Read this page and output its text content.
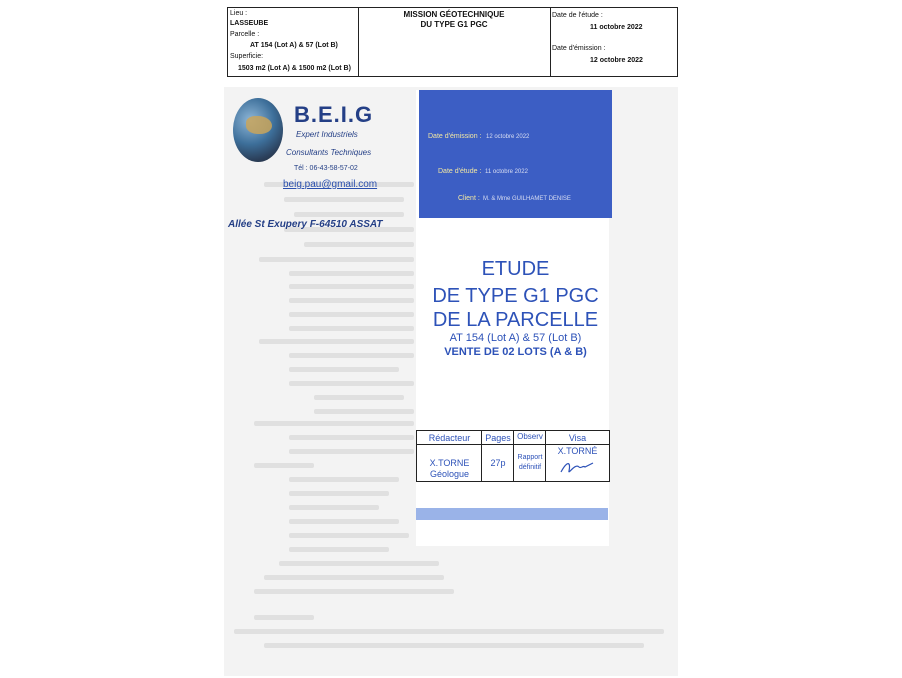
Lieu :
LASSEUBE
Parcelle :
AT 154 (Lot A) & 57 (Lot B)
Superficie:
1503 m2 (Lot A) & 1500 m2 (Lot B)
MISSION GÉOTECHNIQUE
DU TYPE G1 PGC
Date de l'étude :
11 octobre 2022
Date d'émission :
12 octobre 2022
B.E.I.G
Expert Industriels
Consultants Techniques
Tél : 06-43-58-57-02
beig.pau@gmail.com
Allée St Exupery F-64510 ASSAT
Date d'émission : 12 octobre 2022
Date d'étude : 11 octobre 2022
Client : M. & Mme GUILHAMET DENISE
ETUDE
DE TYPE G1 PGC
DE LA PARCELLE
AT 154 (Lot A) & 57 (Lot B)
VENTE DE 02 LOTS (A & B)
Rédacteur	Pages Observ	Visa
X.TORNE
Géologue
27p
Rapport définitif
X.TORNÉ
